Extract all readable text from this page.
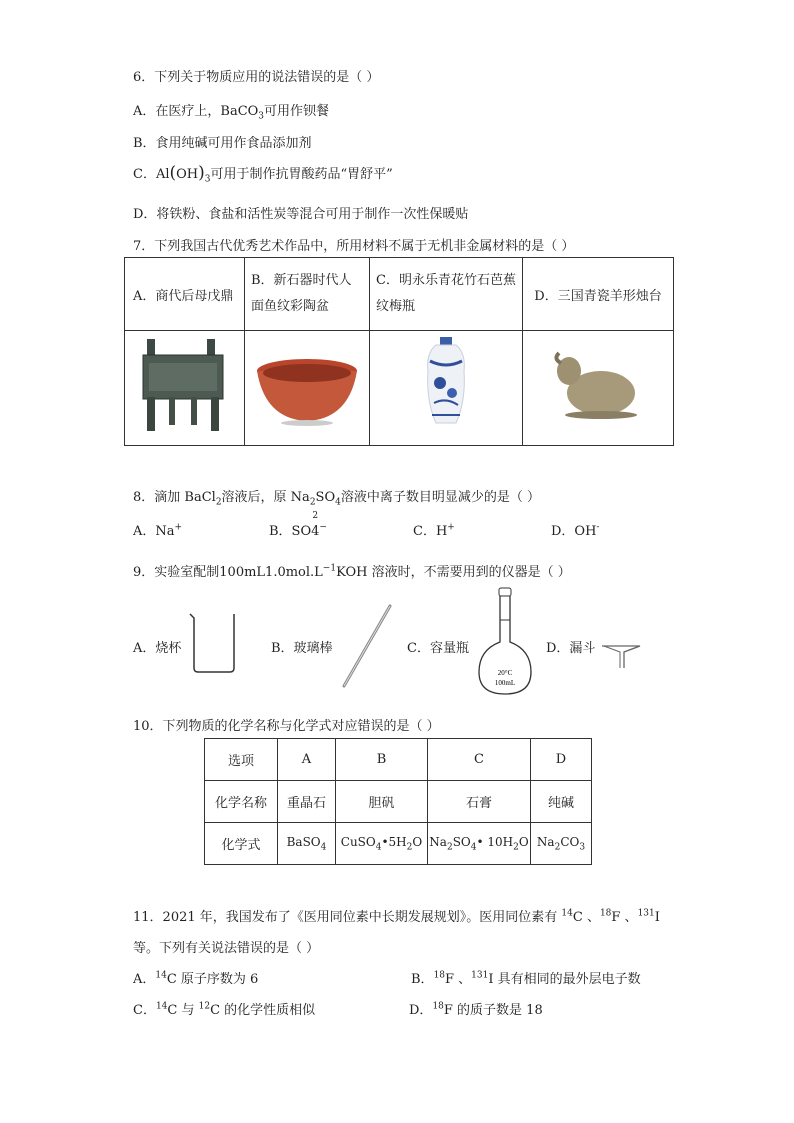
6．下列关于物质应用的说法错误的是（ ）
A．在医疗上，BaCO$_3$可用作钡餐
B．食用纯碱可用作食品添加剂
C．$Al(OH)_3$可用于制作抗胃酸药品“胃舒平”
D．将铁粉、食盐和活性炭等混合可用于制作一次性保暖贴
7．下列我国古代优秀艺术作品中，所用材料不属于无机非金属材料的是（ ）
A．商代后母戊鼎	B．新石器时代人面鱼纹彩陶盆	C．明永乐青花竹石芭蕉纹梅瓶	D．三国青瓷羊形烛台

8．滴加 BaCl$_2$溶液后，原 $Na_2SO_4$溶液中离子数目明显减少的是（ ）
A．Na+	B．SO4
2
−	C．H+	D．OH-
9．实验室配制$100mL1.0mol.L^{-1}KOH$ 溶液时，不需要用到的仪器是（ ）
A．烧杯	B．玻璃棒	C．容量瓶
20°C
100mL
D．漏斗
10．下列物质的化学名称与化学式对应错误的是（ ）
选项	A	B	C	D
化学名称	重晶石	胆矾	石膏	纯碱
化学式	BaSO$_4$	$CuSO_4•5H_2O$	$Na_2SO_4•$ $10H_2O$	$Na_2CO_3$
11．2021 年，我国发布了《医用同位素中长期发展规划》。医用同位素有 $^{14}$C 、$^{18}$F 、$^{131}$I
等。下列有关说法错误的是（ ）
A．$^{14}$C 原子序数为 6	B．$^{18}$F 、$^{131}$I 具有相同的最外层电子数
C．$^{14}$C 与 $^{12}$C 的化学性质相似	D．$^{18}$F 的质子数是 18
